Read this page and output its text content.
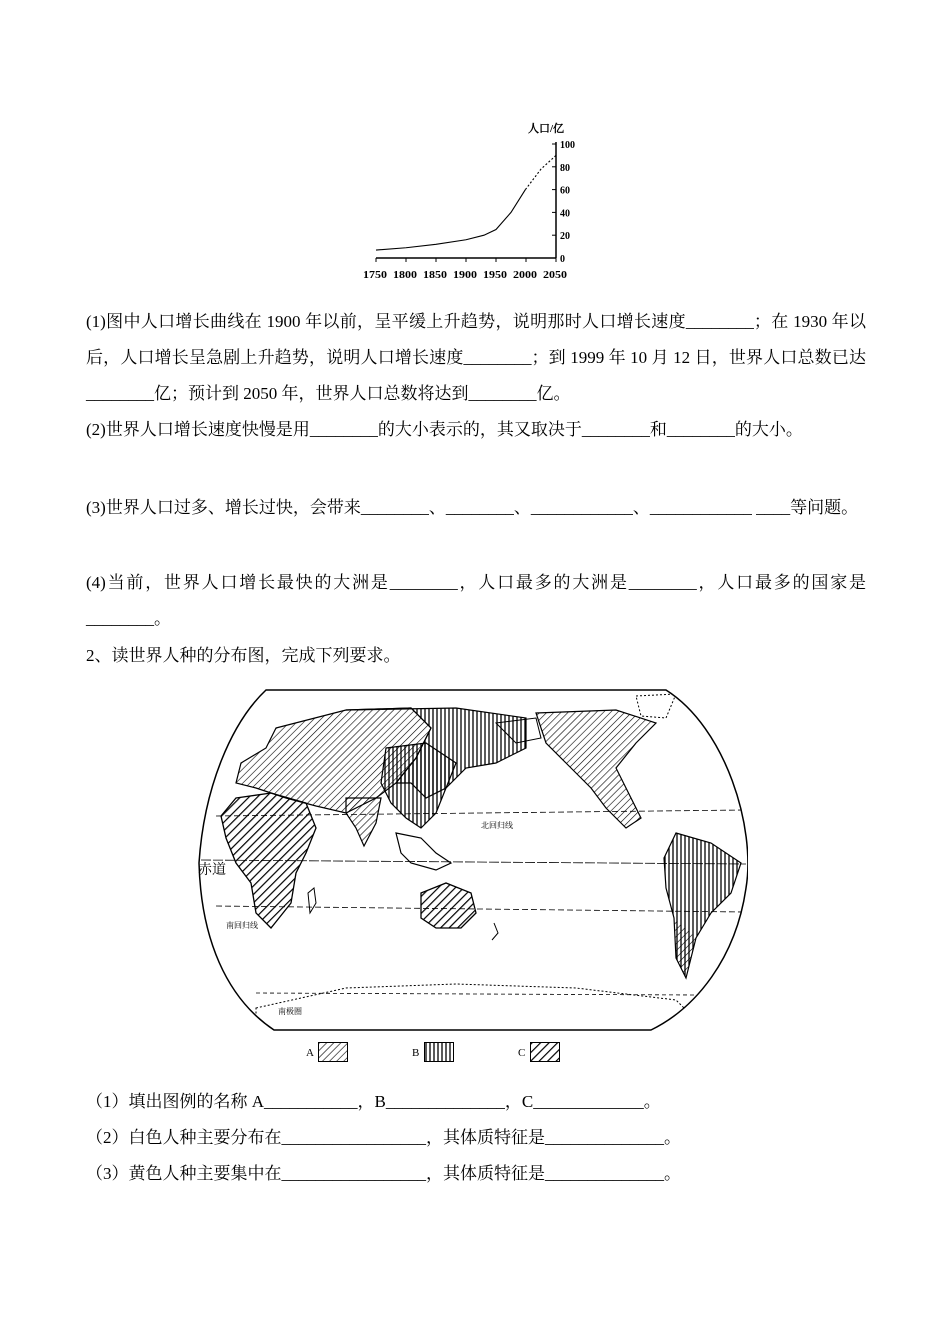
0
20
40
60
80
100
1750 1800 1850 1900 1950 2000 2050
人口/亿
(1)图中人口增长曲线在 1900 年以前，呈平缓上升趋势，说明那时人口增长速度________；在 1930 年以后，人口增长呈急剧上升趋势，说明人口增长速度________；到 1999 年 10 月 12 日，世界人口总数已达________亿；预计到 2050 年，世界人口总数将达到________亿。
(2)世界人口增长速度快慢是用________的大小表示的，其又取决于________和________的大小。
(3)世界人口过多、增长过快，会带来________、________、____________、____________ ____等问题。
(4)当前，世界人口增长最快的大洲是________，人口最多的大洲是________，人口最多的国家是________。
2、读世界人种的分布图，完成下列要求。
赤道
北回归线
南回归线
南极圈
A	B	C
（1）填出图例的名称 A___________，B______________，C_____________。
（2）白色人种主要分布在_________________，其体质特征是______________。
（3）黄色人种主要集中在_________________，其体质特征是______________。
